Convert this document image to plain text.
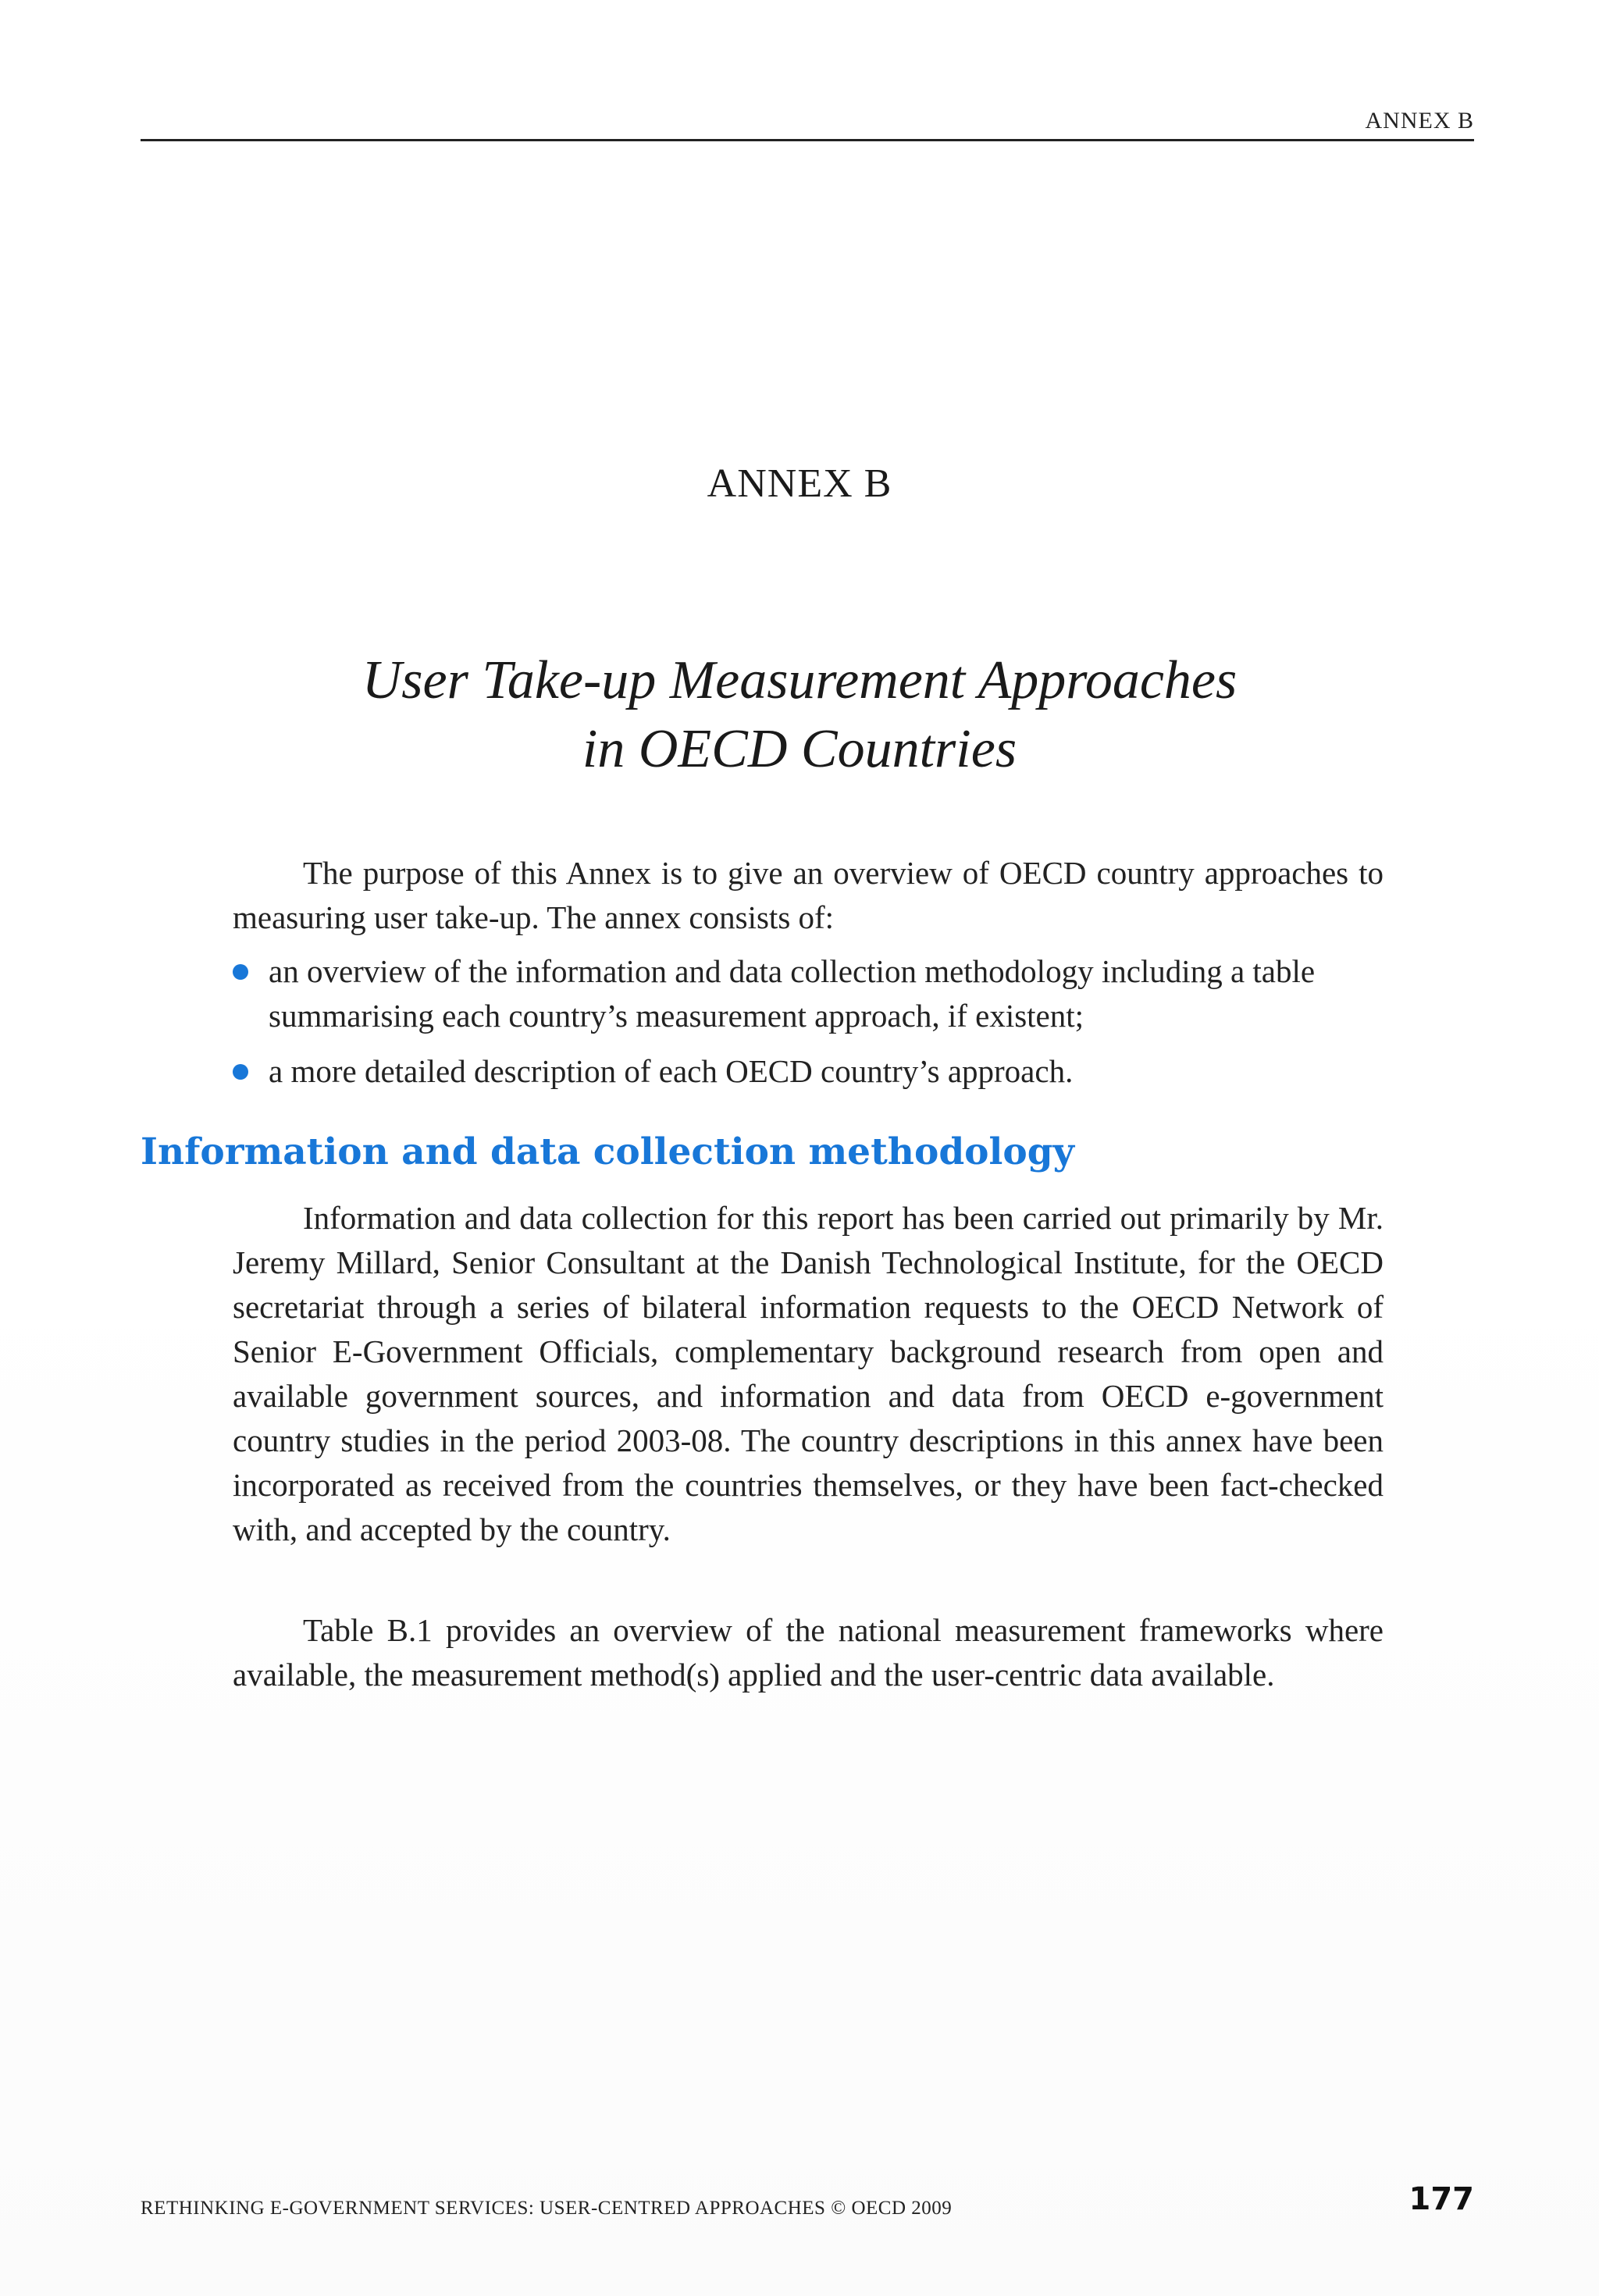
ANNEX B
ANNEX B
User Take-up Measurement Approaches
in OECD Countries

The purpose of this Annex is to give an overview of OECD country approaches to measuring user take-up. The annex consists of:

an overview of the information and data collection methodology including a table summarising each country’s measurement approach, if existent;
a more detailed description of each OECD country’s approach.
Information and data collection methodology

Information and data collection for this report has been carried out primarily by Mr. Jeremy Millard, Senior Consultant at the Danish Technological Institute, for the OECD secretariat through a series of bilateral information requests to the OECD Network of Senior E-Government Officials, complementary background research from open and available government sources, and information and data from OECD e-government country studies in the period 2003-08. The country descriptions in this annex have been incorporated as received from the countries themselves, or they have been fact-checked with, and accepted by the country.

Table B.1 provides an overview of the national measurement frameworks where available, the measurement method(s) applied and the user-centric data available.

RETHINKING E-GOVERNMENT SERVICES: USER-CENTRED APPROACHES © OECD 2009	177
